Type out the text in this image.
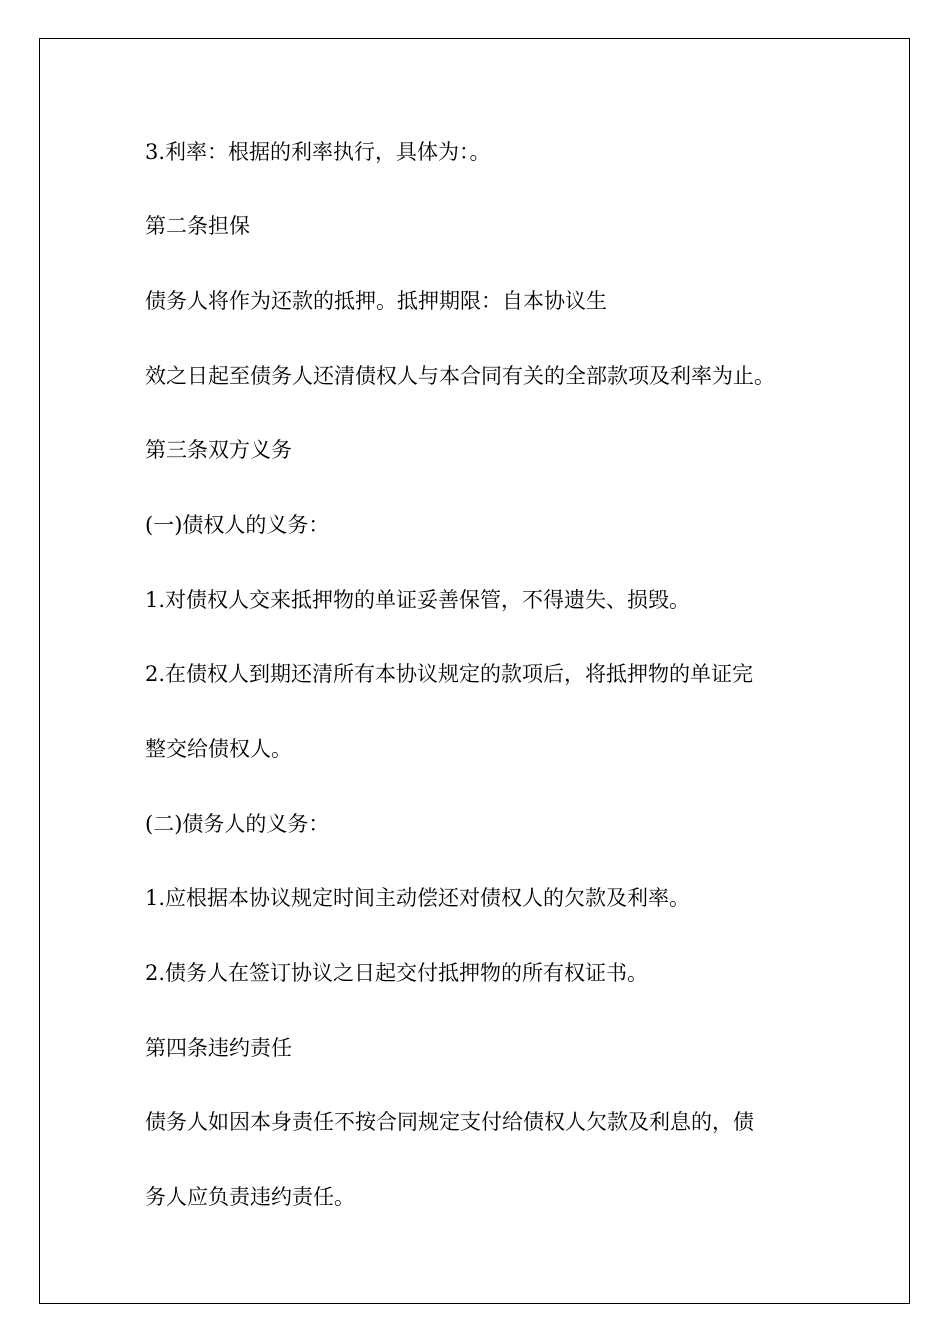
3.利率：根据的利率执行，具体为：。
第二条担保
债务人将作为还款的抵押。抵押期限：自本协议生
效之日起至债务人还清债权人与本合同有关的全部款项及利率为止。
第三条双方义务
(一)债权人的义务：
1.对债权人交来抵押物的单证妥善保管，不得遗失、损毁。
2.在债权人到期还清所有本协议规定的款项后，将抵押物的单证完
整交给债权人。
(二)债务人的义务：
1.应根据本协议规定时间主动偿还对债权人的欠款及利率。
2.债务人在签订协议之日起交付抵押物的所有权证书。
第四条违约责任
债务人如因本身责任不按合同规定支付给债权人欠款及利息的，债
务人应负责违约责任。
